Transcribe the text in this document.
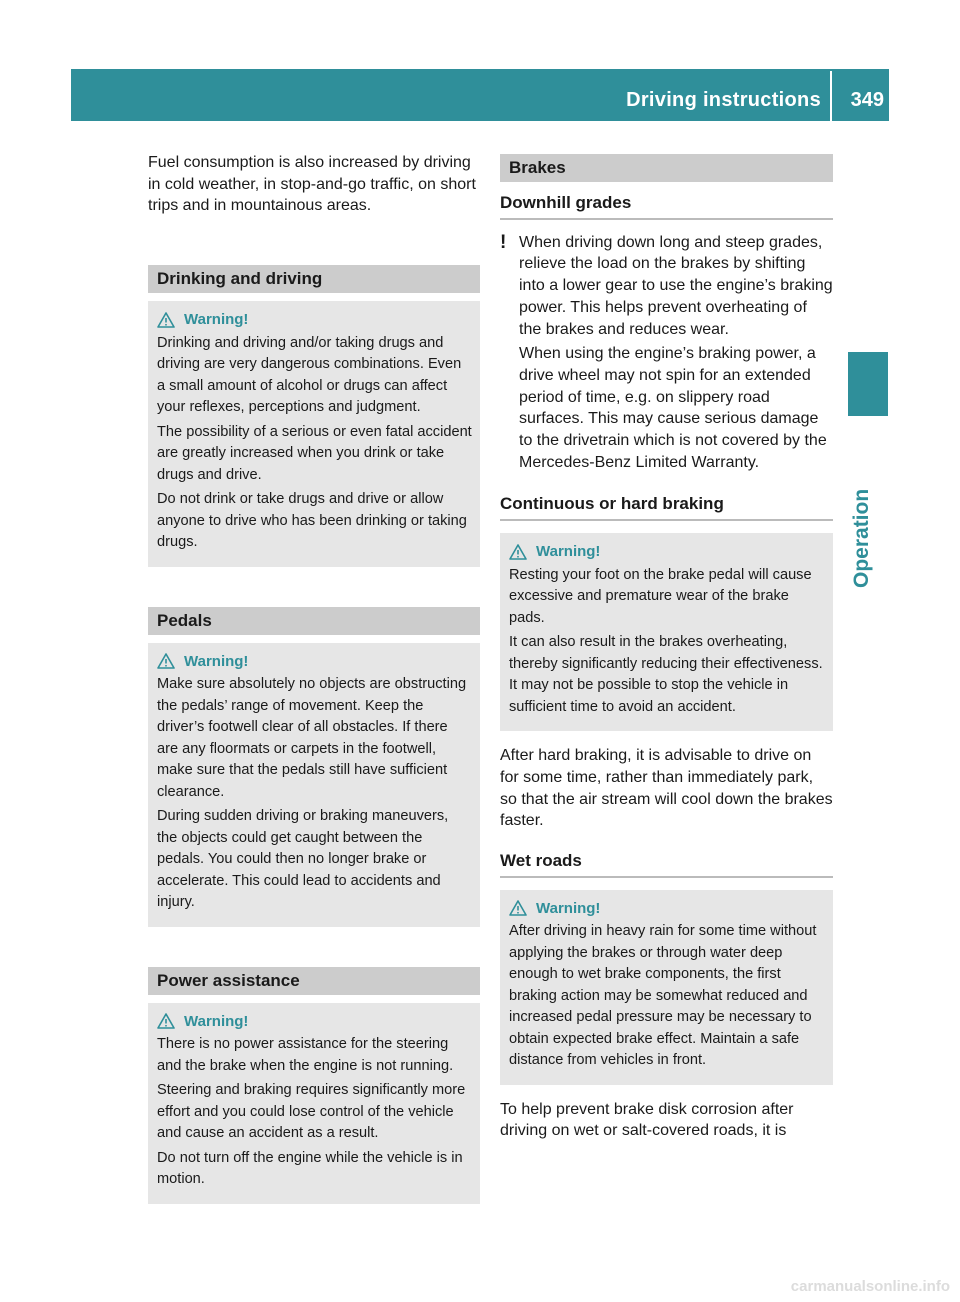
Driving instructions 349
Operation

Fuel consumption is also increased by driving in cold weather, in stop-and-go traffic, on short trips and in mountainous areas.

Drinking and driving
Warning!

Drinking and driving and/or taking drugs and driving are very dangerous combinations. Even a small amount of alcohol or drugs can affect your reflexes, perceptions and judgment.

The possibility of a serious or even fatal accident are greatly increased when you drink or take drugs and drive.

Do not drink or take drugs and drive or allow anyone to drive who has been drinking or taking drugs.

Pedals
Warning!

Make sure absolutely no objects are obstructing the pedals’ range of movement. Keep the driver’s footwell clear of all obstacles. If there are any floormats or carpets in the footwell, make sure that the pedals still have sufficient clearance.

During sudden driving or braking maneuvers, the objects could get caught between the pedals. You could then no longer brake or accelerate. This could lead to accidents and injury.

Power assistance
Warning!

There is no power assistance for the steering and the brake when the engine is not running.

Steering and braking requires significantly more effort and you could lose control of the vehicle and cause an accident as a result.

Do not turn off the engine while the vehicle is in motion.

Brakes
Downhill grades
! When driving down long and steep grades, relieve the load on the brakes by shifting into a lower gear to use the engine’s braking power. This helps prevent overheating of the brakes and reduces wear.

When using the engine’s braking power, a drive wheel may not spin for an extended period of time, e.g. on slippery road surfaces. This may cause serious damage to the drivetrain which is not covered by the Mercedes-Benz Limited Warranty.

Continuous or hard braking
Warning!

Resting your foot on the brake pedal will cause excessive and premature wear of the brake pads.

It can also result in the brakes overheating, thereby significantly reducing their effectiveness. It may not be possible to stop the vehicle in sufficient time to avoid an accident.

After hard braking, it is advisable to drive on for some time, rather than immediately park, so that the air stream will cool down the brakes faster.

Wet roads
Warning!

After driving in heavy rain for some time without applying the brakes or through water deep enough to wet brake components, the first braking action may be somewhat reduced and increased pedal pressure may be necessary to obtain expected brake effect. Maintain a safe distance from vehicles in front.

To help prevent brake disk corrosion after driving on wet or salt-covered roads, it is

carmanualsonline.info
